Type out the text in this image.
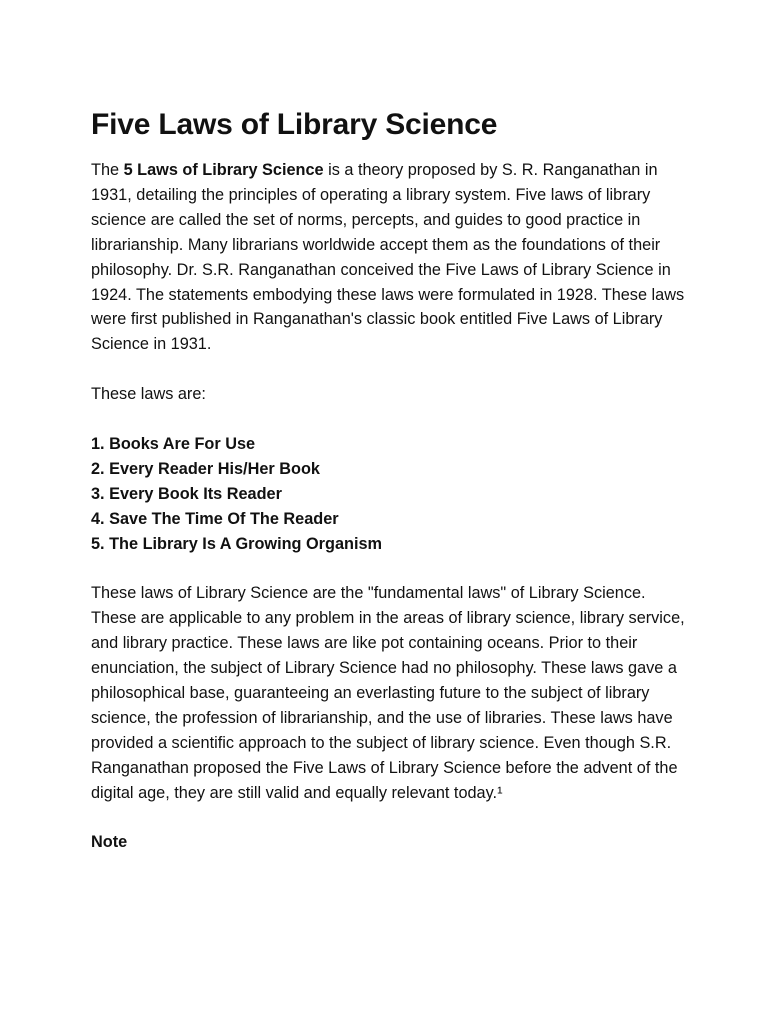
Five Laws of Library Science

The 5 Laws of Library Science is a theory proposed by S. R. Ranganathan in 1931, detailing the principles of operating a library system. Five laws of library science are called the set of norms, percepts, and guides to good practice in librarianship. Many librarians worldwide accept them as the foundations of their philosophy. Dr. S.R. Ranganathan conceived the Five Laws of Library Science in 1924. The statements embodying these laws were formulated in 1928. These laws were first published in Ranganathan's classic book entitled Five Laws of Library Science in 1931.

These laws are:

1. Books Are For Use
2. Every Reader His/Her Book
3. Every Book Its Reader
4. Save The Time Of The Reader
5. The Library Is A Growing Organism

These laws of Library Science are the "fundamental laws" of Library Science. These are applicable to any problem in the areas of library science, library service, and library practice. These laws are like pot containing oceans. Prior to their enunciation, the subject of Library Science had no philosophy. These laws gave a philosophical base, guaranteeing an everlasting future to the subject of library science, the profession of librarianship, and the use of libraries. These laws have provided a scientific approach to the subject of library science. Even though S.R. Ranganathan proposed the Five Laws of Library Science before the advent of the digital age, they are still valid and equally relevant today.¹

Note
